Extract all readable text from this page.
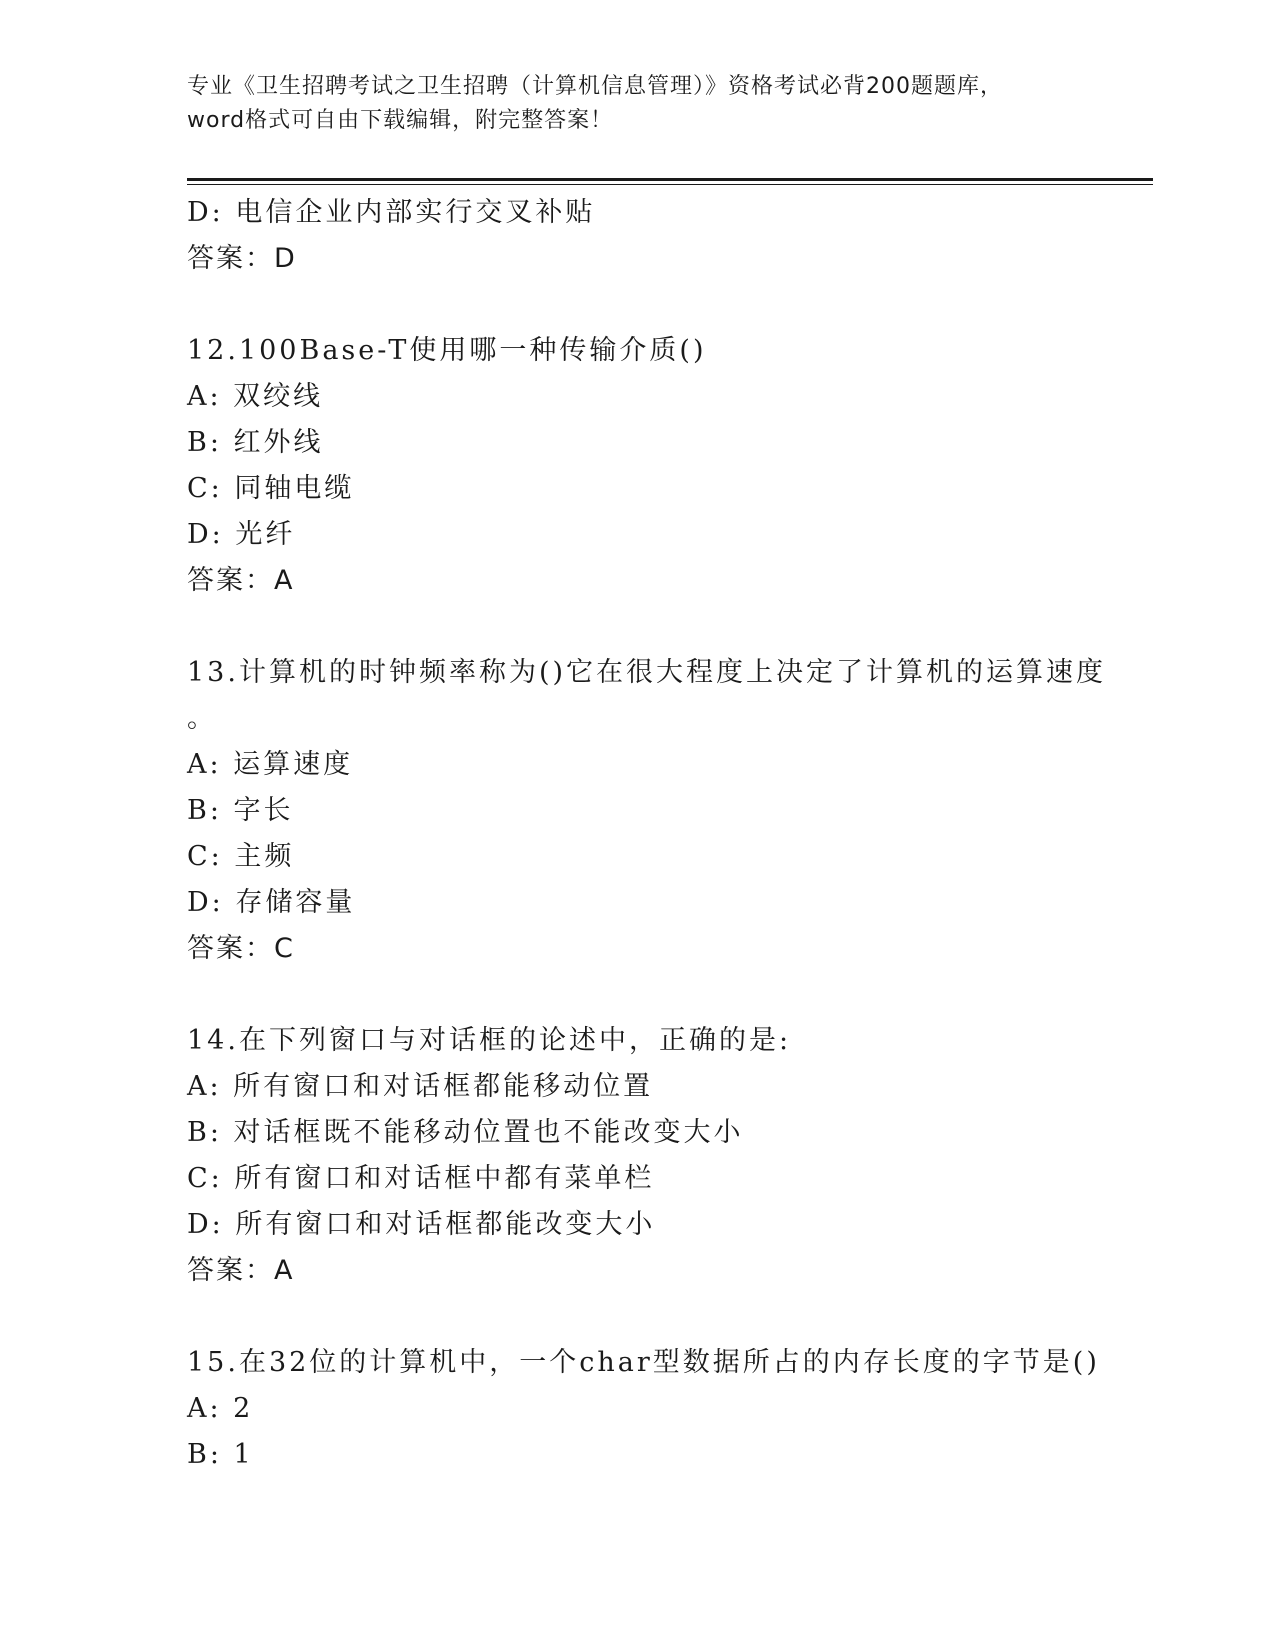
专业《卫生招聘考试之卫生招聘（计算机信息管理）》资格考试必背200题题库，
word格式可自由下载编辑，附完整答案！
D: 电信企业内部实行交叉补贴
答案：D
12.100Base-T使用哪一种传输介质()
A: 双绞线
B: 红外线
C: 同轴电缆
D: 光纤
答案：A
13.计算机的时钟频率称为()它在很大程度上决定了计算机的运算速度
。
A: 运算速度
B: 字长
C: 主频
D: 存储容量
答案：C
14.在下列窗口与对话框的论述中，正确的是:
A: 所有窗口和对话框都能移动位置
B: 对话框既不能移动位置也不能改变大小
C: 所有窗口和对话框中都有菜单栏
D: 所有窗口和对话框都能改变大小
答案：A
15.在32位的计算机中，一个char型数据所占的内存长度的字节是()
A: 2
B: 1
